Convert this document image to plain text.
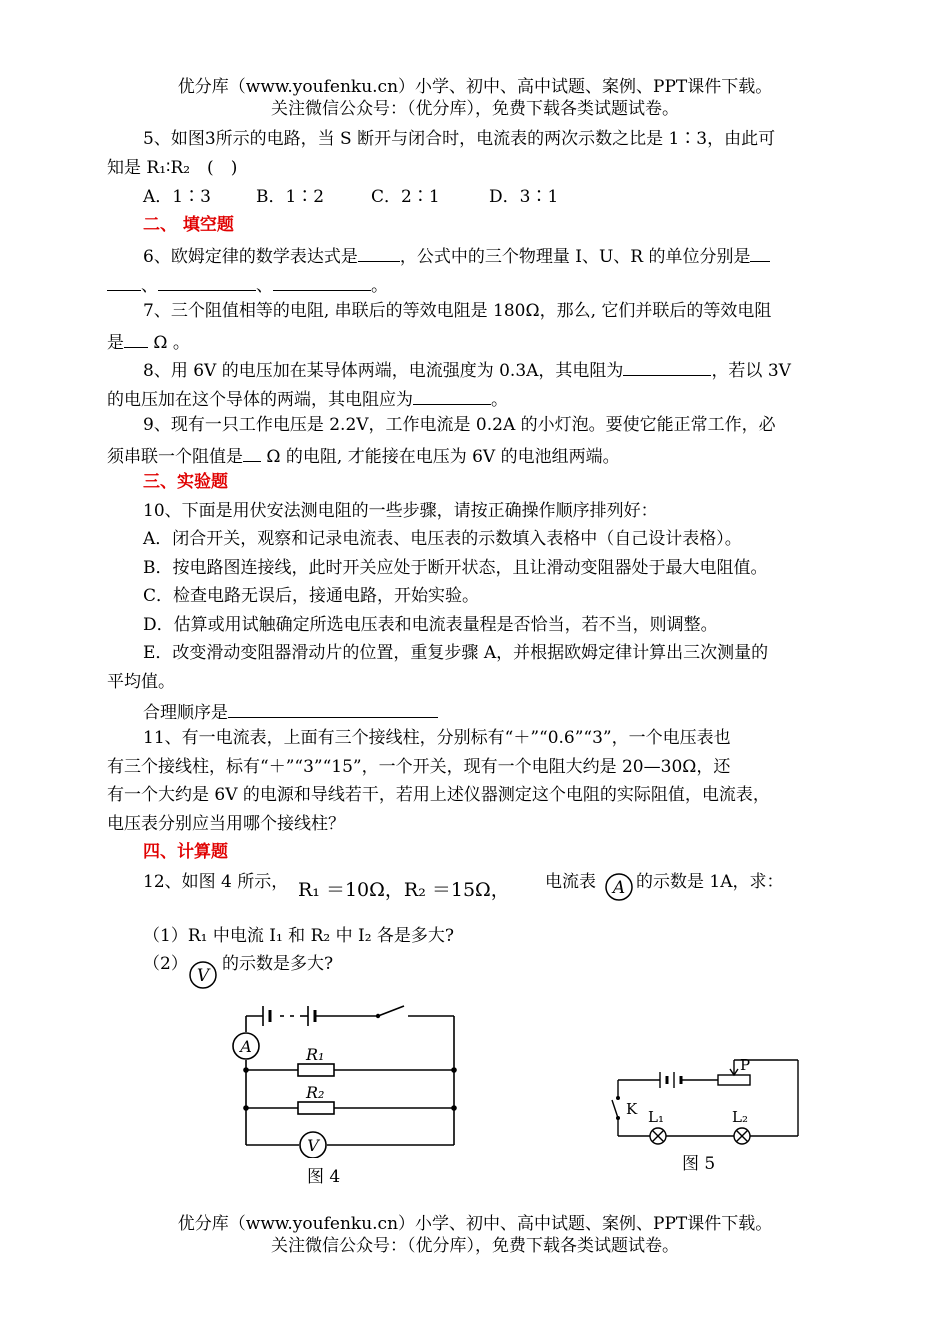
优分库（www.youfenku.cn）小学、初中、高中试题、案例、PPT课件下载。
关注微信公众号：（优分库），免费下载各类试题试卷。
5、如图3所示的电路，当 S 断开与闭合时，电流表的两次示数之比是 1∶3，由此可
知是 R₁∶R₂　(　)
A．1∶3	B．1∶2	C．2∶1	D．3∶1
二、 填空题
6、欧姆定律的数学表达式是 ，公式中的三个物理量 I、U、R 的单位分别是
、	、	。
7、三个阻值相等的电阻, 串联后的等效电阻是 180Ω，那么, 它们并联后的等效电阻
是 Ω 。
8、用 6V 的电压加在某导体两端，电流强度为 0.3A，其电阻为	，若以 3V
的电压加在这个导体的两端，其电阻应为	。
9、现有一只工作电压是 2.2V，工作电流是 0.2A 的小灯泡。要使它能正常工作，必
须串联一个阻值是 Ω 的电阻, 才能接在电压为 6V 的电池组两端。
三、实验题
10、下面是用伏安法测电阻的一些步骤，请按正确操作顺序排列好：
A．闭合开关，观察和记录电流表、电压表的示数填入表格中（自己设计表格）。
B．按电路图连接线，此时开关应处于断开状态，且让滑动变阻器处于最大电阻值。
C．检查电路无误后，接通电路，开始实验。
D．估算或用试触确定所选电压表和电流表量程是否恰当，若不当，则调整。
E．改变滑动变阻器滑动片的位置，重复步骤 A，并根据欧姆定律计算出三次测量的
平均值。
合理顺序是
11、有一电流表，上面有三个接线柱，分别标有“＋”“0.6”“3”，一个电压表也
有三个接线柱，标有“＋”“3”“15”，一个开关，现有一个电阻大约是 20—30Ω，还
有一个大约是 6V 的电源和导线若干，若用上述仪器测定这个电阻的实际阻值，电流表，
电压表分别应当用哪个接线柱？
四、计算题
12、如图 4 所示， R₁ ＝10Ω，R₂ ＝15Ω， 电流表 A 的示数是 1A，求：
（1）R₁ 中电流 I₁ 和 R₂ 中 I₂ 各是多大?
（2）
V
的示数是多大?
A
V
R₁
R₂
图 4
P
K L₁	L₂
图 5
优分库（www.youfenku.cn）小学、初中、高中试题、案例、PPT课件下载。
关注微信公众号：（优分库），免费下载各类试题试卷。
